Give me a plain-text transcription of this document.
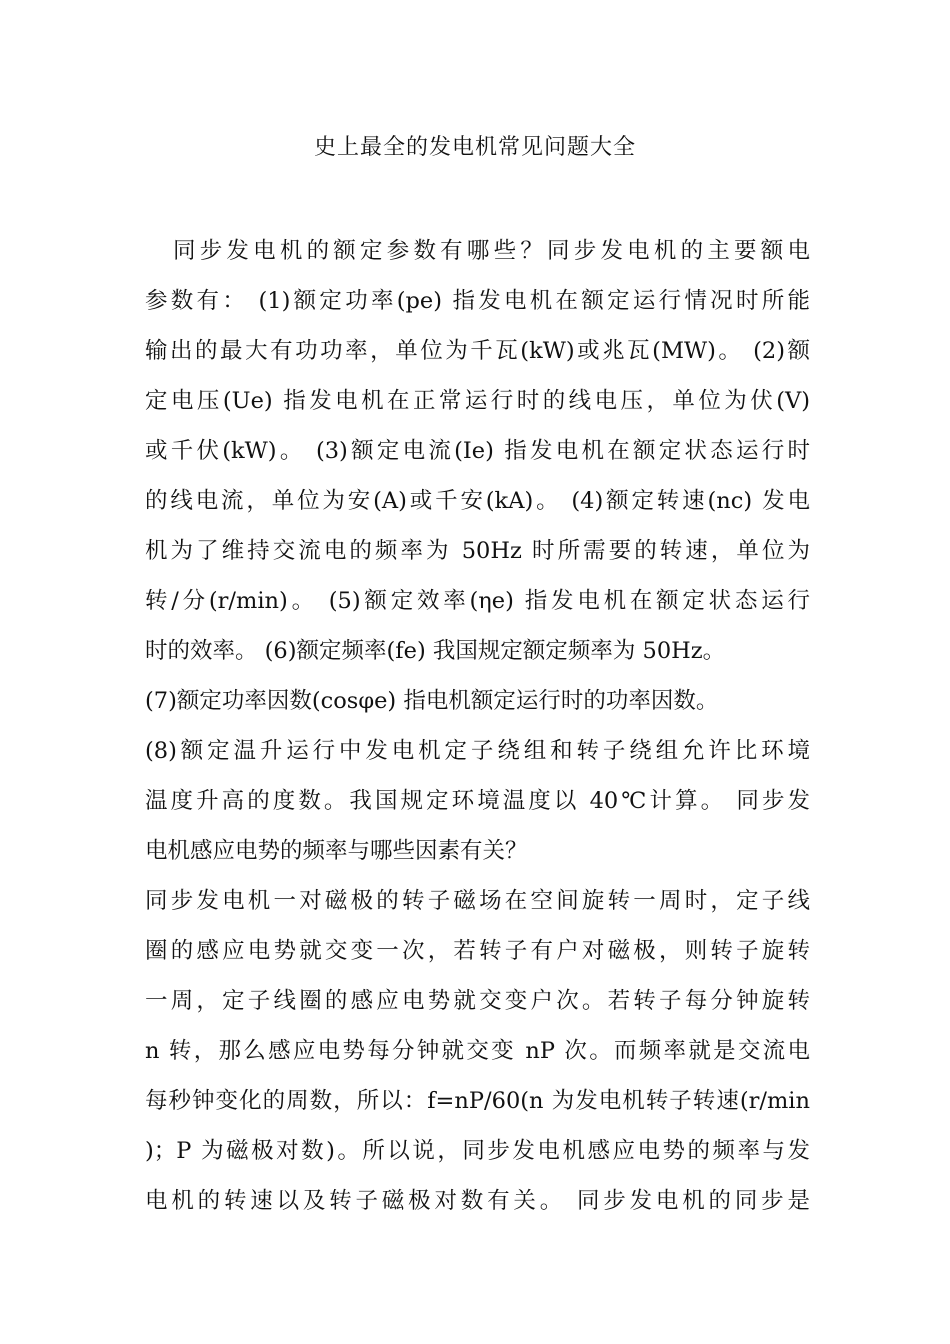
史上最全的发电机常见问题大全
同步发电机的额定参数有哪些？同步发电机的主要额电
参数有： (1)额定功率(pe) 指发电机在额定运行情况时所能
输出的最大有功功率，单位为千瓦(kW)或兆瓦(MW)。 (2)额
定电压(Ue) 指发电机在正常运行时的线电压，单位为伏(V)
或千伏(kW)。 (3)额定电流(Ie) 指发电机在额定状态运行时
的线电流，单位为安(A)或千安(kA)。 (4)额定转速(nc) 发电
机为了维持交流电的频率为 50Hz 时所需要的转速，单位为
转/分(r/min)。 (5)额定效率(ηe) 指发电机在额定状态运行
时的效率。 (6)额定频率(fe) 我国规定额定频率为 50Hz。
(7)额定功率因数(cosφe) 指电机额定运行时的功率因数。
(8)额定温升运行中发电机定子绕组和转子绕组允许比环境
温度升高的度数。我国规定环境温度以 40℃计算。 同步发
电机感应电势的频率与哪些因素有关？
同步发电机一对磁极的转子磁场在空间旋转一周时，定子线
圈的感应电势就交变一次，若转子有户对磁极，则转子旋转
一周，定子线圈的感应电势就交变户次。若转子每分钟旋转
n 转，那么感应电势每分钟就交变 nP 次。而频率就是交流电
每秒钟变化的周数，所以：f=nP/60(n 为发电机转子转速(r/min
)；P 为磁极对数)。所以说，同步发电机感应电势的频率与发
电机的转速以及转子磁极对数有关。 同步发电机的同步是
